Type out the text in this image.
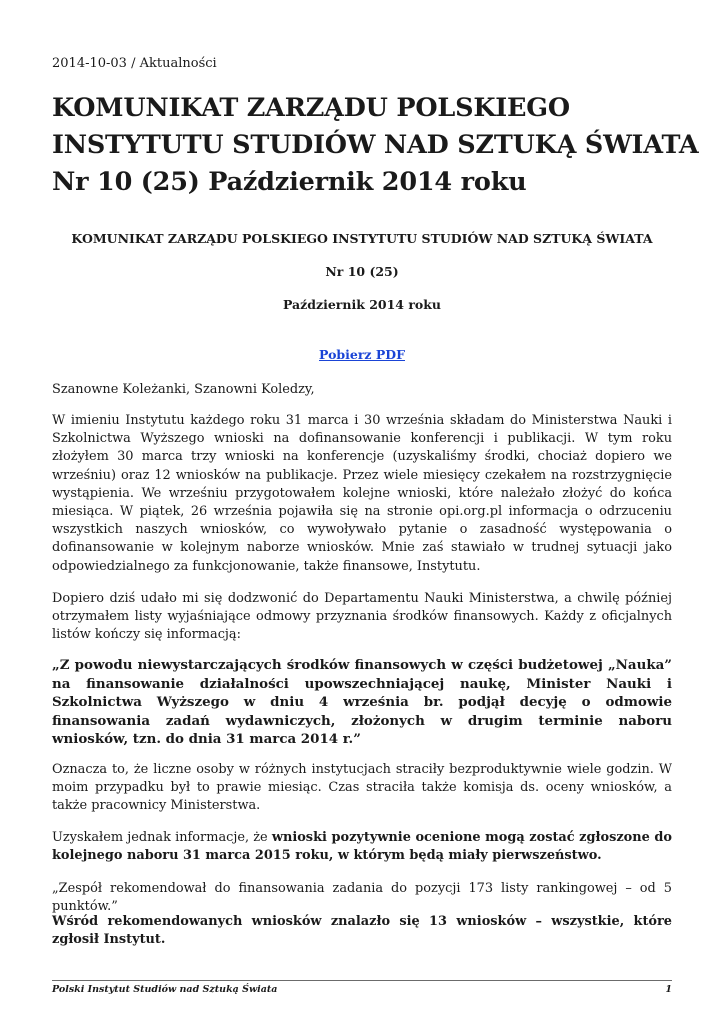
2014-10-03 / Aktualności
KOMUNIKAT ZARZĄDU POLSKIEGO
INSTYTUTU STUDIÓW NAD SZTUKĄ ŚWIATA
Nr 10 (25) Październik 2014 roku
KOMUNIKAT ZARZĄDU POLSKIEGO INSTYTUTU STUDIÓW NAD SZTUKĄ ŚWIATA
Nr 10 (25)
Październik 2014 roku
Pobierz PDF

Szanowne Koleżanki, Szanowni Koledzy,

W imieniu Instytutu każdego roku 31 marca i 30 września składam do Ministerstwa Nauki i Szkolnictwa Wyższego wnioski na dofinansowanie konferencji i publikacji. W tym roku złożyłem 30 marca trzy wnioski na konferencje (uzyskaliśmy środki, chociaż dopiero we wrześniu) oraz 12 wniosków na publikacje. Przez wiele miesięcy czekałem na rozstrzygnięcie wystąpienia. We wrześniu przygotowałem kolejne wnioski, które należało złożyć do końca miesiąca. W piątek, 26 września pojawiła się na stronie opi.org.pl informacja o odrzuceniu wszystkich naszych wniosków, co wywoływało pytanie o zasadność występowania o dofinansowanie w kolejnym naborze wniosków. Mnie zaś stawiało w trudnej sytuacji jako odpowiedzialnego za funkcjonowanie, także finansowe, Instytutu.

Dopiero dziś udało mi się dodzwonić do Departamentu Nauki Ministerstwa, a chwilę później otrzymałem listy wyjaśniające odmowy przyznania środków finansowych. Każdy z oficjalnych listów kończy się informacją:

„Z powodu niewystarczających środków finansowych w części budżetowej „Nauka” na finansowanie działalności upowszechniającej naukę, Minister Nauki i Szkolnictwa Wyższego w dniu 4 września br. podjął decyję o odmowie finansowania zadań wydawniczych, złożonych w drugim terminie naboru wniosków, tzn. do dnia 31 marca 2014 r.”

Oznacza to, że liczne osoby w różnych instytucjach straciły bezproduktywnie wiele godzin. W moim przypadku był to prawie miesiąc. Czas straciła także komisja ds. oceny wniosków, a także pracownicy Ministerstwa.

Uzyskałem jednak informacje, że wnioski pozytywnie ocenione mogą zostać zgłoszone do kolejnego naboru 31 marca 2015 roku, w którym będą miały pierwszeństwo.

„Zespół rekomendował do finansowania zadania do pozycji 173 listy rankingowej – od 5 punktów.”

Wśród rekomendowanych wniosków znalazło się 13 wniosków – wszystkie, które zgłosił Instytut.

Polski Instytut Studiów nad Sztuką Świata	1
